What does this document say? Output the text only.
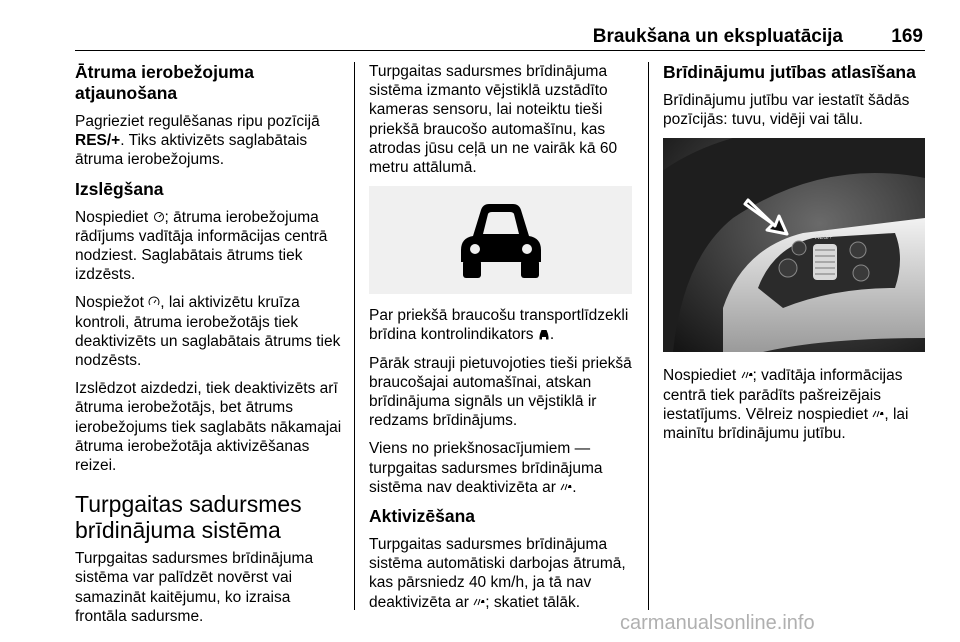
Braukšana un ekspluatācija	169
Ātruma ierobežojuma atjaunošana

Pagrieziet regulēšanas ripu pozīcijā RES/+. Tiks aktivizēts saglabātais ātruma ierobežojums.

Izslēgšana

Nospiediet ; ātruma ierobežojuma rādījums vadītāja informācijas centrā nodziest. Saglabātais ātrums tiek izdzēsts.

Nospiežot , lai aktivizētu kruīza kontroli, ātruma ierobežotājs tiek deaktivizēts un saglabātais ātrums tiek nodzēsts.

Izslēdzot aizdedzi, tiek deaktivizēts arī ātruma ierobežotājs, bet ātrums ierobežojums tiek saglabāts nākamajai ātruma ierobežotāja aktivizēšanas reizei.

Turpgaitas sadursmes brīdinājuma sistēma

Turpgaitas sadursmes brīdinājuma sistēma var palīdzēt novērst vai samazināt kaitējumu, ko izraisa frontāla sadursme.

Turpgaitas sadursmes brīdinājuma sistēma izmanto vējstiklā uzstādīto kameras sensoru, lai noteiktu tieši priekšā braucošo automašīnu, kas atrodas jūsu ceļā un ne vairāk kā 60 metru attālumā.

Par priekšā braucošu transportlīdzekli brīdina kontrolindikators .

Pārāk strauji pietuvojoties tieši priekšā braucošajai automašīnai, atskan brīdinājuma signāls un vējstiklā ir redzams brīdinājums.

Viens no priekšnosacījumiem — turpgaitas sadursmes brīdinājuma sistēma nav deaktivizēta ar .

Aktivizēšana

Turpgaitas sadursmes brīdinājuma sistēma automātiski darbojas ātrumā, kas pārsniedz 40 km/h, ja tā nav deaktivizēta ar ; skatiet tālāk.

Brīdinājumu jutības atlasīšana

Brīdinājumu jutību var iestatīt šādās pozīcijās: tuvu, vidēji vai tālu.

RES/+

Nospiediet ; vadītāja informācijas centrā tiek parādīts pašreizējais iestatījums. Vēlreiz nospiediet , lai mainītu brīdinājumu jutību.

carmanualsonline.info
